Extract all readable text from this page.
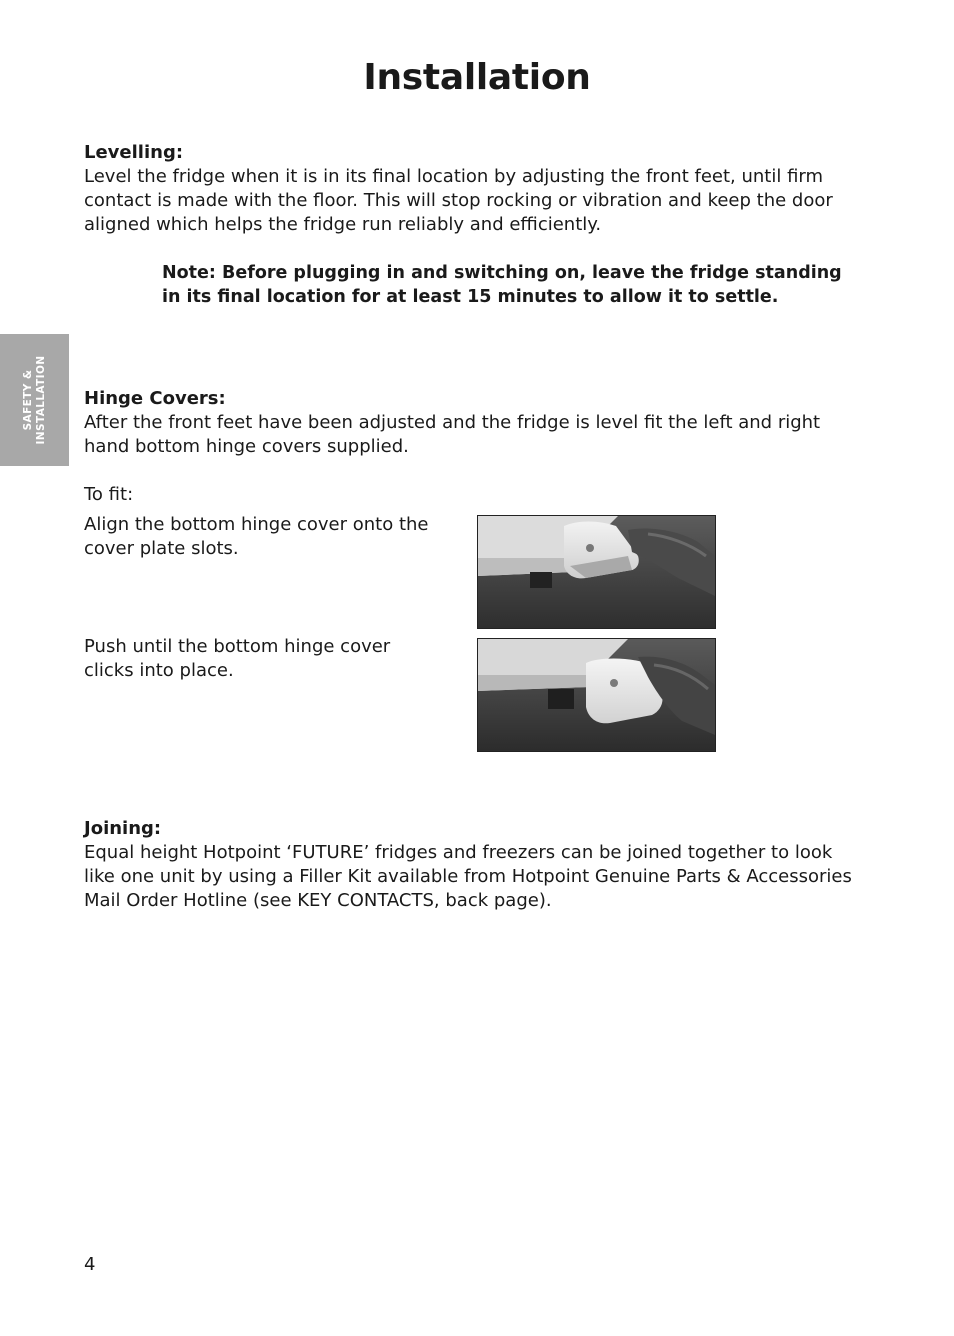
Installation
SAFETY & INSTALLATION

Levelling:

Level the fridge when it is in its final location by adjusting the front feet, until firm

contact is made with the floor. This will stop rocking or vibration and keep the door

aligned which helps the fridge run reliably and efficiently.

Note: Before plugging in and switching on, leave the fridge standing
in its final location for at least 15 minutes to allow it to settle.

Hinge Covers:

After the front feet have been adjusted and the fridge is level fit the left and right

hand bottom hinge covers supplied.

To fit:

Align the bottom hinge cover onto the

cover plate slots.

Push until the bottom hinge cover

clicks into place.

Joining:

Equal height Hotpoint ‘FUTURE’ fridges and freezers can be joined together to look

like one unit by using a Filler Kit available from Hotpoint Genuine Parts & Accessories

Mail Order Hotline (see KEY CONTACTS, back page).

4
